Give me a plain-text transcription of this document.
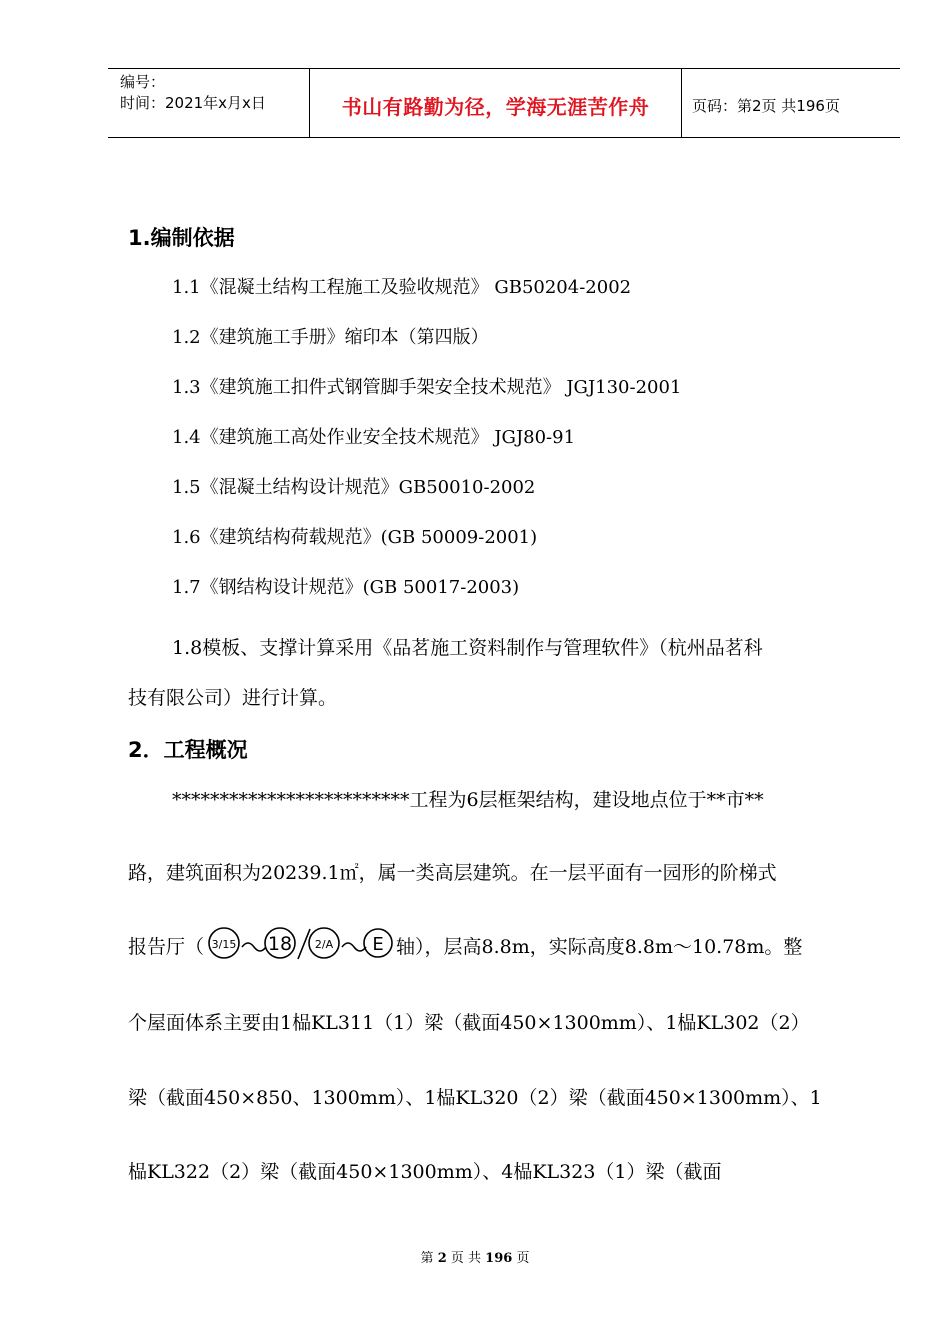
编号：
时间：2021年x月x日	书山有路勤为径，学海无涯苦作舟	页码：第2页 共196页
1.编制依据
1.1《混凝土结构工程施工及验收规范》 GB50204-2002
1.2《建筑施工手册》缩印本（第四版）
1.3《建筑施工扣件式钢管脚手架安全技术规范》 JGJ130-2001
1.4《建筑施工高处作业安全技术规范》 JGJ80-91
1.5《混凝土结构设计规范》GB50010-2002
1.6《建筑结构荷载规范》(GB 50009-2001)
1.7《钢结构设计规范》(GB 50017-2003)
1.8模板、支撑计算采用《品茗施工资料制作与管理软件》（杭州品茗科
技有限公司）进行计算。
2．工程概况
*************************工程为6层框架结构，建设地点位于**市**
路，建筑面积为20239.1㎡，属一类高层建筑。在一层平面有一园形的阶梯式
报告厅（ 3/15 18 2/A E 轴），层高8.8m，实际高度8.8m～10.78m。整
个屋面体系主要由1榀KL311（1）梁（截面450×1300mm）、1榀KL302（2）
梁（截面450×850、1300mm）、1榀KL320（2）梁（截面450×1300mm）、1
榀KL322（2）梁（截面450×1300mm）、4榀KL323（1）梁（截面
第 2 页 共 196 页
